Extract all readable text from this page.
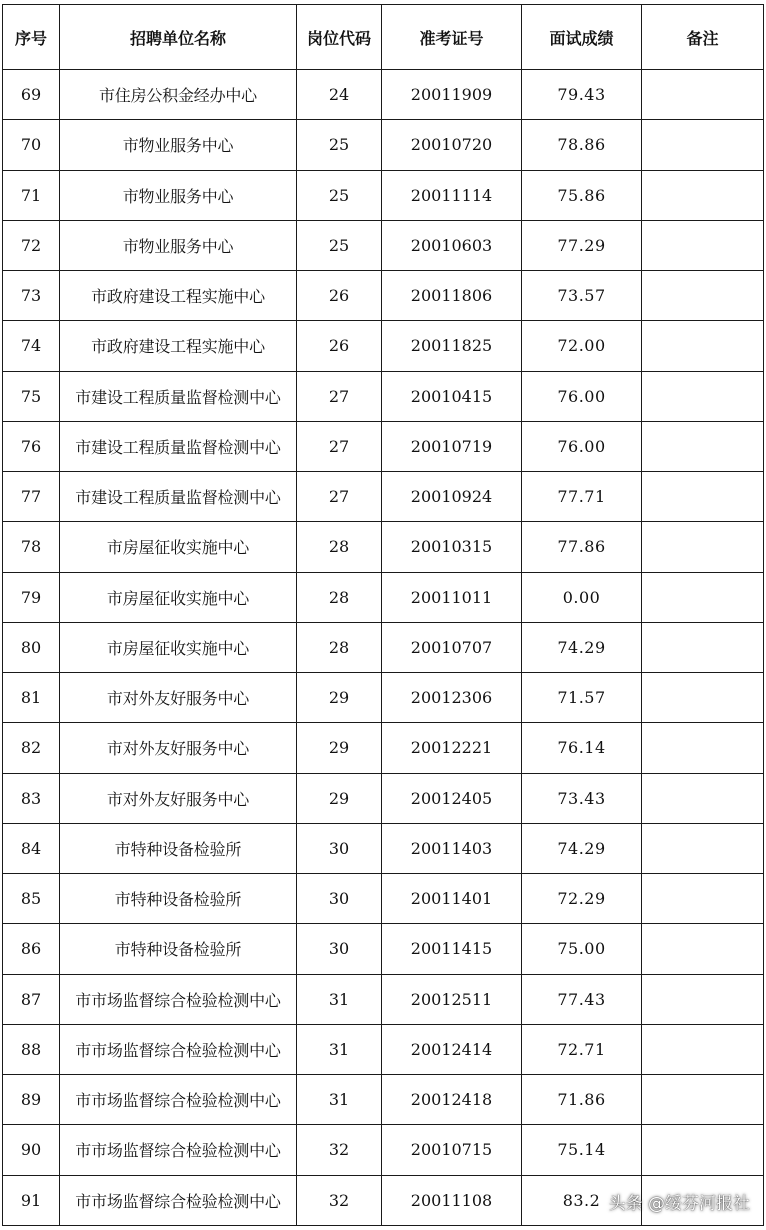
序号	招聘单位名称	岗位代码	准考证号	面试成绩	备注
69	市住房公积金经办中心	24	20011909	79.43	
70	市物业服务中心	25	20010720	78.86	
71	市物业服务中心	25	20011114	75.86	
72	市物业服务中心	25	20010603	77.29	
73	市政府建设工程实施中心	26	20011806	73.57	
74	市政府建设工程实施中心	26	20011825	72.00	
75	市建设工程质量监督检测中心	27	20010415	76.00	
76	市建设工程质量监督检测中心	27	20010719	76.00	
77	市建设工程质量监督检测中心	27	20010924	77.71	
78	市房屋征收实施中心	28	20010315	77.86	
79	市房屋征收实施中心	28	20011011	0.00	
80	市房屋征收实施中心	28	20010707	74.29	
81	市对外友好服务中心	29	20012306	71.57	
82	市对外友好服务中心	29	20012221	76.14	
83	市对外友好服务中心	29	20012405	73.43	
84	市特种设备检验所	30	20011403	74.29	
85	市特种设备检验所	30	20011401	72.29	
86	市特种设备检验所	30	20011415	75.00	
87	市市场监督综合检验检测中心	31	20012511	77.43	
88	市市场监督综合检验检测中心	31	20012414	72.71	
89	市市场监督综合检验检测中心	31	20012418	71.86	
90	市市场监督综合检验检测中心	32	20010715	75.14	
91	市市场监督综合检验检测中心	32	20011108	83.2	头条 @绥芬河报社
